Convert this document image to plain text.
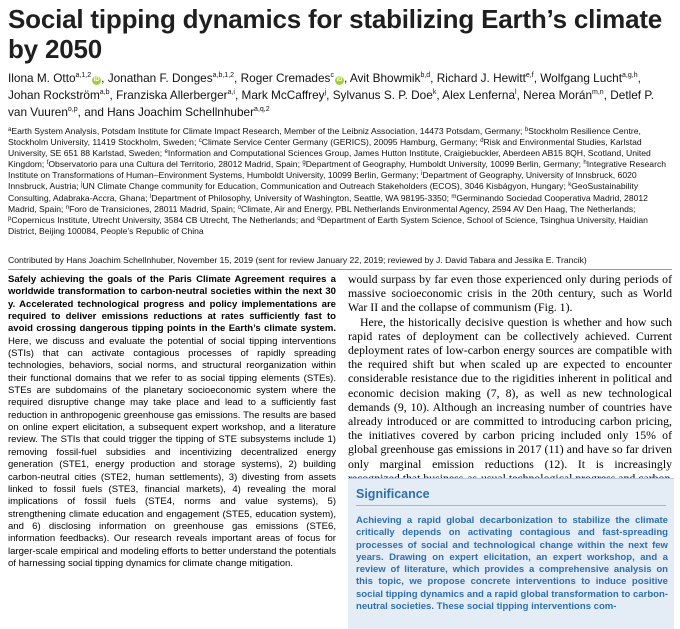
Social tipping dynamics for stabilizing Earth’s climate by 2050
Ilona M. Otto$^{a,1,2}$iD , Jonathan F. Donges$^{a,b,1,2}$, Roger Cremades$^c$iD , Avit Bhowmik$^{b,d}$, Richard J. Hewitt$^{e,f}$, Wolfgang Lucht$^{a,g,h}$, Johan Rockström$^{a,b}$, Franziska Allerberger$^{a,i}$, Mark McCaffrey$^j$, Sylvanus S. P. Doe$^k$, Alex Lenferna$^l$, Nerea Morán$^{m,n}$, Detlef P. van Vuuren$^{o,p}$, and Hans Joachim Schellnhuber$^{a,q,2}$
$^a$Earth System Analysis, Potsdam Institute for Climate Impact Research, Member of the Leibniz Association, 14473 Potsdam, Germany; $^b$Stockholm Resilience Centre, Stockholm University, 11419 Stockholm, Sweden; $^c$Climate Service Center Germany (GERICS), 20095 Hamburg, Germany; $^d$Risk and Environmental Studies, Karlstad University, SE 651 88 Karlstad, Sweden; $^e$Information and Computational Sciences Group, James Hutton Institute, Craigiebuckler, Aberdeen AB15 8QH, Scotland, United Kingdom; $^f$Observatorio para una Cultura del Territorio, 28012 Madrid, Spain; $^g$Department of Geography, Humboldt University, 10099 Berlin, Germany; $^h$Integrative Research Institute on Transformations of Human–Environment Systems, Humboldt University, 10099 Berlin, Germany; $^i$Department of Geography, University of Innsbruck, 6020 Innsbruck, Austria; $^j$UN Climate Change community for Education, Communication and Outreach Stakeholders (ECOS), 3046 Kisbágyon, Hungary; $^k$GeoSustainability Consulting, Adabraka-Accra, Ghana; $^l$Department of Philosophy, University of Washington, Seattle, WA 98195-3350; $^m$Germinando Sociedad Cooperativa Madrid, 28012 Madrid, Spain; $^n$Foro de Transiciones, 28011 Madrid, Spain; $^o$Climate, Air and Energy, PBL Netherlands Environmental Agency, 2594 AV Den Haag, The Netherlands; $^p$Copernicus Institute, Utrecht University, 3584 CB Utrecht, The Netherlands; and $^q$Department of Earth System Science, School of Science, Tsinghua University, Haidian District, Beijing 100084, People’s Republic of China
Contributed by Hans Joachim Schellnhuber, November 15, 2019 (sent for review January 22, 2019; reviewed by J. David Tabara and Jessika E. Trancik)
Safely achieving the goals of the Paris Climate Agreement requires a worldwide transformation to carbon-neutral societies within the next 30 y. Accelerated technological progress and policy implementations are required to deliver emissions reductions at rates sufficiently fast to avoid crossing dangerous tipping points in the Earth’s climate system. Here, we discuss and evaluate the potential of social tipping interventions (STIs) that can activate contagious processes of rapidly spreading technologies, behaviors, social norms, and structural reorganization within their functional domains that we refer to as social tipping elements (STEs). STEs are subdomains of the planetary socioeconomic system where the required disruptive change may take place and lead to a sufficiently fast reduction in anthropogenic greenhouse gas emissions. The results are based on online expert elicitation, a subsequent expert workshop, and a literature review. The STIs that could trigger the tipping of STE subsystems include 1) removing fossil-fuel subsidies and incentivizing decentralized energy generation (STE1, energy production and storage systems), 2) building carbon-neutral cities (STE2, human settlements), 3) divesting from assets linked to fossil fuels (STE3, financial markets), 4) revealing the moral implications of fossil fuels (STE4, norms and value systems), 5) strengthening climate education and engagement (STE5, education system), and 6) disclosing information on greenhouse gas emissions (STE6, information feedbacks). Our research reveals important areas of focus for larger-scale empirical and modeling efforts to better understand the potentials of harnessing social tipping dynamics for climate change mitigation.

would surpass by far even those experienced only during periods of massive socioeconomic crisis in the 20th century, such as World War II and the collapse of communism (Fig. 1).

Here, the historically decisive question is whether and how such rapid rates of deployment can be collectively achieved. Current deployment rates of low-carbon energy sources are compatible with the required shift but when scaled up are expected to encounter considerable resistance due to the rigidities inherent in political and economic decision making (7, 8), as well as new technological demands (9, 10). Although an increasing number of countries have already introduced or are committed to introducing carbon pricing, the initiatives covered by carbon pricing included only 15% of global greenhouse gas emissions in 2017 (11) and have so far driven only marginal emission reductions (12). It is increasingly

Significance
Achieving a rapid global decarbonization to stabilize the climate critically depends on activating contagious and fast-spreading processes of social and technological change within the next few years. Drawing on expert elicitation, an expert workshop, and a review of literature, which provides a comprehensive analysis on this topic, we propose concrete interventions to induce positive social tipping dynamics and a rapid global transformation to carbon-neutral societies. These social tipping interventions com-
